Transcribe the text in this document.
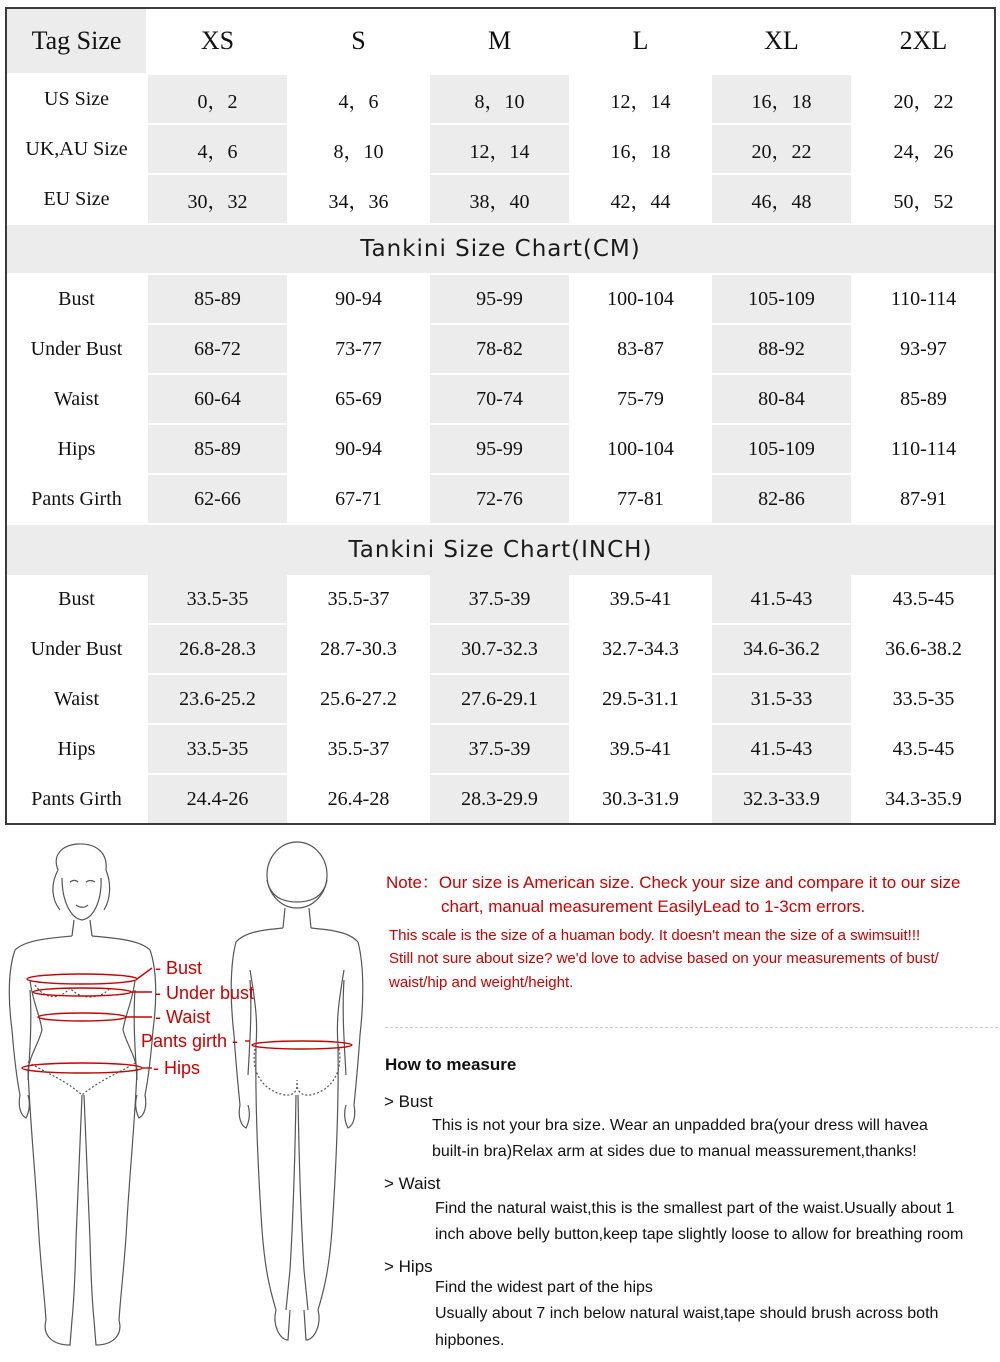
Tag Size	XS	S	M	L	XL	2XL
US Size	0，2	4，6	8，10	12，14	16，18	20，22
UK,AU Size	4，6	8，10	12，14	16，18	20，22	24，26
EU Size	30，32	34，36	38，40	42，44	46，48	50，52
Tankini Size Chart(CM)
Bust	85-89	90-94	95-99	100-104	105-109	110-114
Under Bust	68-72	73-77	78-82	83-87	88-92	93-97
Waist	60-64	65-69	70-74	75-79	80-84	85-89
Hips	85-89	90-94	95-99	100-104	105-109	110-114
Pants Girth	62-66	67-71	72-76	77-81	82-86	87-91
Tankini Size Chart(INCH)
Bust	33.5-35	35.5-37	37.5-39	39.5-41	41.5-43	43.5-45
Under Bust	26.8-28.3	28.7-30.3	30.7-32.3	32.7-34.3	34.6-36.2	36.6-38.2
Waist	23.6-25.2	25.6-27.2	27.6-29.1	29.5-31.1	31.5-33	33.5-35
Hips	33.5-35	35.5-37	37.5-39	39.5-41	41.5-43	43.5-45
Pants Girth	24.4-26	26.4-28	28.3-29.9	30.3-31.9	32.3-33.9	34.3-35.9
- Bust
- Under bust
- Waist
Pants girth -
- Hips
Note：Our size is American size. Check your size and compare it to our size
chart, manual measurement EasilyLead to 1-3cm errors.
This scale is the size of a huaman body. It doesn't mean the size of a swimsuit!!!
Still not sure about size? we'd love to advise based on your measurements of bust/
waist/hip and weight/height.
How to measure
> Bust
This is not your bra size. Wear an unpadded bra(your dress will havea
built-in bra)Relax arm at sides due to manual meassurement,thanks!
> Waist
Find the natural waist,this is the smallest part of the waist.Usually about 1
inch above belly button,keep tape slightly loose to allow for breathing room
> Hips
Find the widest part of the hips
Usually about 7 inch below natural waist,tape should brush across both
hipbones.
